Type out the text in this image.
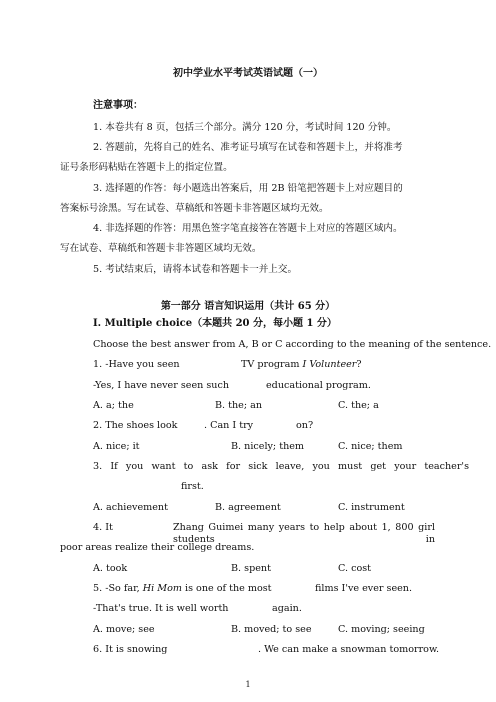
初中学业水平考试英语试题（一）
注意事项：
1. 本卷共有 8 页，包括三个部分。满分 120 分，考试时间 120 分钟。
2. 答题前，先将自己的姓名、准考证号填写在试卷和答题卡上，并将准考
证号条形码粘贴在答题卡上的指定位置。
3. 选择题的作答：每小题选出答案后，用 2B 铅笔把答题卡上对应题目的
答案标号涂黑。写在试卷、草稿纸和答题卡非答题区域均无效。
4. 非选择题的作答：用黑色签字笔直接答在答题卡上对应的答题区域内。
写在试卷、草稿纸和答题卡非答题区域均无效。
5. 考试结束后，请将本试卷和答题卡一并上交。
第一部分 语言知识运用（共计 65 分）
I. Multiple choice（本题共 20 分，每小题 1 分）
Choose the best answer from A, B or C according to the meaning of the sentence.
1. -Have you seen	TV program I Volunteer?
-Yes, I have never seen such	educational program.
A. a; the	B. the; an	C. the; a
2. The shoes look	. Can I try	on?
A. nice; it	B. nicely; them	C. nice; them
3. If you want to ask for sick leave, you must get your teacher's
first.
A. achievement	B. agreement	C. instrument
4. It	Zhang Guimei many years to help about 1, 800 girl students in
poor areas realize their college dreams.
A. took	B. spent	C. cost
5. -So far, Hi Mom is one of the most	films I've ever seen.
-That's true. It is well worth	again.
A. move; see	B. moved; to see	C. moving; seeing
6. It is snowing	. We can make a snowman tomorrow.
1
